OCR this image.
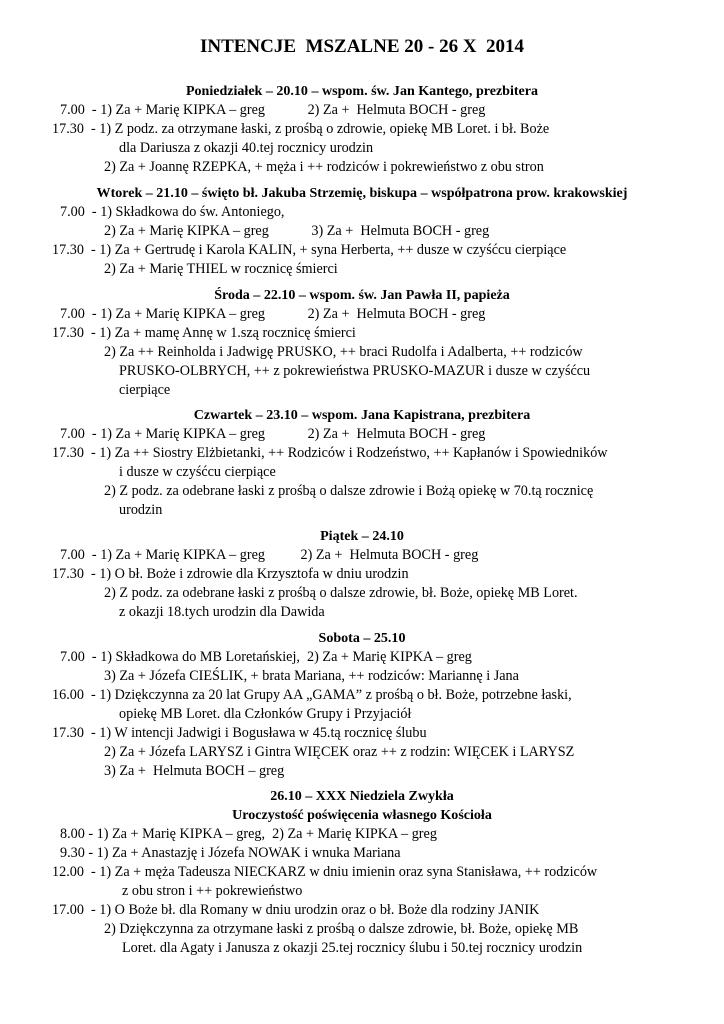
INTENCJE  MSZALNE 20 - 26 X  2014
Poniedziałek – 20.10 – wspom. św. Jan Kantego, prezbitera
7.00  - 1) Za + Marię KIPKA – greg            2) Za +  Helmuta BOCH - greg
17.30  - 1) Z podz. za otrzymane łaski, z prośbą o zdrowie, opiekę MB Loret. i bł. Boże
dla Dariusza z okazji 40.tej rocznicy urodzin
2) Za + Joannę RZEPKA, + męża i ++ rodziców i pokrewieństwo z obu stron
Wtorek – 21.10 – święto bł. Jakuba Strzemię, biskupa – współpatrona prow. krakowskiej
7.00  - 1) Składkowa do św. Antoniego,
2) Za + Marię KIPKA – greg            3) Za +  Helmuta BOCH - greg
17.30  - 1) Za + Gertrudę i Karola KALIN, + syna Herberta, ++ dusze w czyśćcu cierpiące
2) Za + Marię THIEL w rocznicę śmierci
Środa – 22.10 – wspom. św. Jan Pawła II, papieża
7.00  - 1) Za + Marię KIPKA – greg            2) Za +  Helmuta BOCH - greg
17.30  - 1) Za + mamę Annę w 1.szą rocznicę śmierci
2) Za ++ Reinholda i Jadwigę PRUSKO, ++ braci Rudolfa i Adalberta, ++ rodziców
PRUSKO-OLBRYCH, ++ z pokrewieństwa PRUSKO-MAZUR i dusze w czyśćcu
cierpiące
Czwartek – 23.10 – wspom. Jana Kapistrana, prezbitera
7.00  - 1) Za + Marię KIPKA – greg            2) Za +  Helmuta BOCH - greg
17.30  - 1) Za ++ Siostry Elżbietanki, ++ Rodziców i Rodzeństwo, ++ Kapłanów i Spowiedników
i dusze w czyśćcu cierpiące
2) Z podz. za odebrane łaski z prośbą o dalsze zdrowie i Bożą opiekę w 70.tą rocznicę
urodzin
Piątek – 24.10
7.00  - 1) Za + Marię KIPKA – greg          2) Za +  Helmuta BOCH - greg
17.30  - 1) O bł. Boże i zdrowie dla Krzysztofa w dniu urodzin
2) Z podz. za odebrane łaski z prośbą o dalsze zdrowie, bł. Boże, opiekę MB Loret.
z okazji 18.tych urodzin dla Dawida
Sobota – 25.10
7.00  - 1) Składkowa do MB Loretańskiej,  2) Za + Marię KIPKA – greg
3) Za + Józefa CIEŚLIK, + brata Mariana, ++ rodziców: Mariannę i Jana
16.00  - 1) Dziękczynna za 20 lat Grupy AA „GAMA” z prośbą o bł. Boże, potrzebne łaski,
opiekę MB Loret. dla Członków Grupy i Przyjaciół
17.30  - 1) W intencji Jadwigi i Bogusława w 45.tą rocznicę ślubu
2) Za + Józefa LARYSZ i Gintra WIĘCEK oraz ++ z rodzin: WIĘCEK i LARYSZ
3) Za +  Helmuta BOCH – greg
26.10 – XXX Niedziela Zwykła
Uroczystość poświęcenia własnego Kościoła
8.00 - 1) Za + Marię KIPKA – greg,  2) Za + Marię KIPKA – greg
9.30 - 1) Za + Anastazję i Józefa NOWAK i wnuka Mariana
12.00  - 1) Za + męża Tadeusza NIECKARZ w dniu imienin oraz syna Stanisława, ++ rodziców
z obu stron i ++ pokrewieństwo
17.00  - 1) O Boże bł. dla Romany w dniu urodzin oraz o bł. Boże dla rodziny JANIK
2) Dziękczynna za otrzymane łaski z prośbą o dalsze zdrowie, bł. Boże, opiekę MB
Loret. dla Agaty i Janusza z okazji 25.tej rocznicy ślubu i 50.tej rocznicy urodzin
